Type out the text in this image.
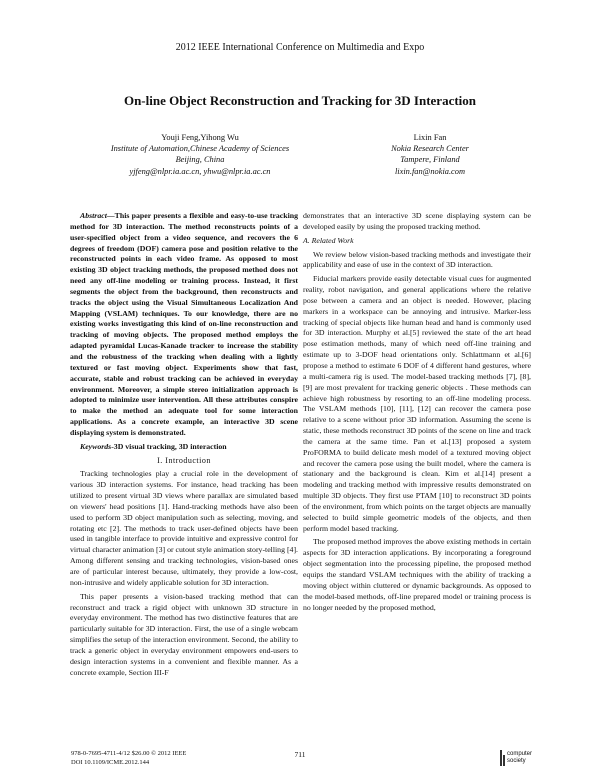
2012 IEEE International Conference on Multimedia and Expo
On-line Object Reconstruction and Tracking for 3D Interaction
Youji Feng,Yihong Wu
Institute of Automation,Chinese Academy of Sciences
Beijing, China
yjfeng@nlpr.ia.ac.cn, yhwu@nlpr.ia.ac.cn
Lixin Fan
Nokia Research Center
Tampere, Finland
lixin.fan@nokia.com

Abstract—This paper presents a flexible and easy-to-use tracking method for 3D interaction. The method reconstructs points of a user-specified object from a video sequence, and recovers the 6 degrees of freedom (DOF) camera pose and position relative to the reconstructed points in each video frame. As opposed to most existing 3D object tracking methods, the proposed method does not need any off-line modeling or training process. Instead, it first segments the object from the background, then reconstructs and tracks the object using the Visual Simultaneous Localization And Mapping (VSLAM) techniques. To our knowledge, there are no existing works investigating this kind of on-line reconstruction and tracking of moving objects. The proposed method employs the adapted pyramidal Lucas-Kanade tracker to increase the stability and the robustness of the tracking when dealing with a lightly textured or fast moving object. Experiments show that fast, accurate, stable and robust tracking can be achieved in everyday environment. Moreover, a simple stereo initialization approach is adopted to minimize user intervention. All these attributes conspire to make the method an adequate tool for some interaction applications. As a concrete example, an interactive 3D scene displaying system is demonstrated.

Keywords-3D visual tracking, 3D interaction

I. Introduction

Tracking technologies play a crucial role in the development of various 3D interaction systems. For instance, head tracking has been utilized to present virtual 3D views where parallax are simulated based on viewers' head positions [1]. Hand-tracking methods have also been used to perform 3D object manipulation such as selecting, moving, and rotating etc [2]. The methods to track user-defined objects have been used in tangible interface to provide intuitive and expressive control for virtual character animation [3] or cutout style animation story-telling [4]. Among different sensing and tracking technologies, vision-based ones are of particular interest because, ultimately, they provide a low-cost, non-intrusive and widely applicable solution for 3D interaction.

This paper presents a vision-based tracking method that can reconstruct and track a rigid object with unknown 3D structure in everyday environment. The method has two distinctive features that are particularly suitable for 3D interaction. First, the use of a single webcam simplifies the setup of the interaction environment. Second, the ability to track a generic object in everyday environment empowers end-users to design interaction systems in a convenient and flexible manner. As a concrete example, Section III-F

demonstrates that an interactive 3D scene displaying system can be developed easily by using the proposed tracking method.

A. Related Work

We review below vision-based tracking methods and investigate their applicability and ease of use in the context of 3D interaction.

Fiducial markers provide easily detectable visual cues for augmented reality, robot navigation, and general applications where the relative pose between a camera and an object is needed. However, placing markers in a workspace can be annoying and intrusive. Marker-less tracking of special objects like human head and hand is commonly used for 3D interaction. Murphy et al.[5] reviewed the state of the art head pose estimation methods, many of which need off-line training and estimate up to 3-DOF head orientations only. Schlattmann et al.[6] propose a method to estimate 6 DOF of 4 different hand gestures, where a multi-camera rig is used. The model-based tracking methods [7], [8], [9] are most prevalent for tracking generic objects . These methods can achieve high robustness by resorting to an off-line modeling process. The VSLAM methods [10], [11], [12] can recover the camera pose relative to a scene without prior 3D information. Assuming the scene is static, these methods reconstruct 3D points of the scene on line and track the camera at the same time. Pan et al.[13] proposed a system ProFORMA to build delicate mesh model of a textured moving object and recover the camera pose using the built model, where the camera is stationary and the background is clean. Kim et al.[14] present a modeling and tracking method with impressive results demonstrated on multiple 3D objects. They first use PTAM [10] to reconstruct 3D points of the environment, from which points on the target objects are manually selected to build simple geometric models of the objects, and then perform model based tracking.

The proposed method improves the above existing methods in certain aspects for 3D interaction applications. By incorporating a foreground object segmentation into the processing pipeline, the proposed method equips the standard VSLAM techniques with the ability of tracking a moving object within cluttered or dynamic backgrounds. As opposed to the model-based methods, off-line prepared model or training process is no longer needed by the proposed method,

978-0-7695-4711-4/12 $26.00 © 2012 IEEE
DOI 10.1109/ICME.2012.144
711	computer
society
